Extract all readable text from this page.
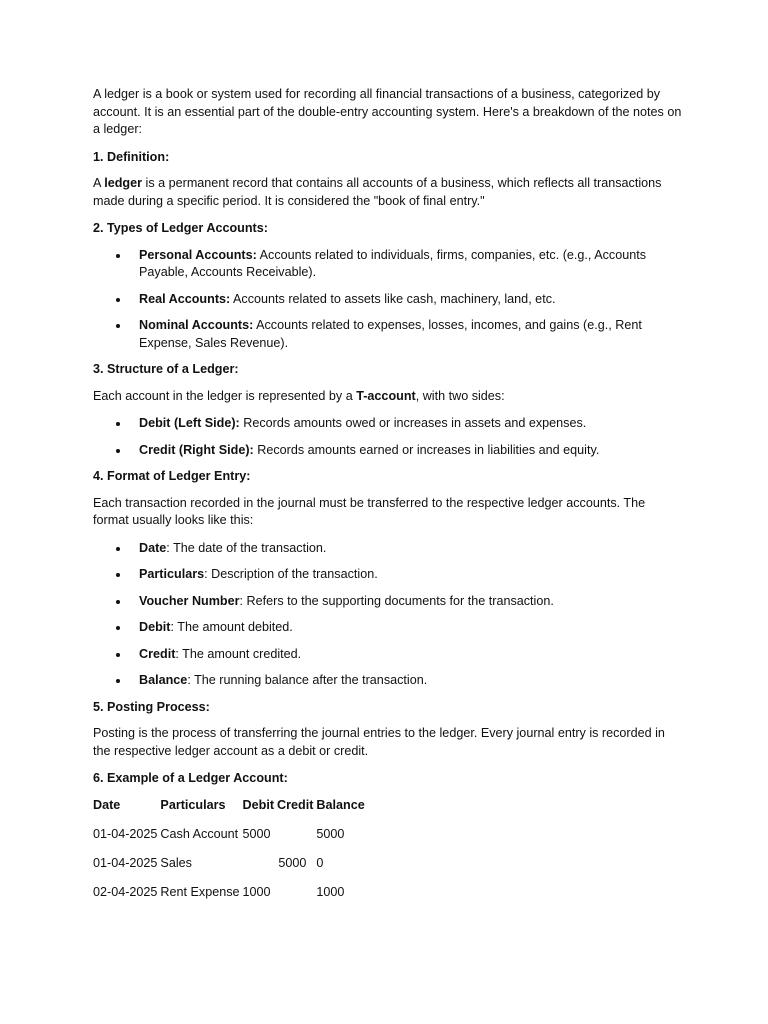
A ledger is a book or system used for recording all financial transactions of a business, categorized by account. It is an essential part of the double-entry accounting system. Here's a breakdown of the notes on a ledger:

1. Definition:

A ledger is a permanent record that contains all accounts of a business, which reflects all transactions made during a specific period. It is considered the "book of final entry."

2. Types of Ledger Accounts:

Personal Accounts: Accounts related to individuals, firms, companies, etc. (e.g., Accounts Payable, Accounts Receivable).
Real Accounts: Accounts related to assets like cash, machinery, land, etc.
Nominal Accounts: Accounts related to expenses, losses, incomes, and gains (e.g., Rent Expense, Sales Revenue).

3. Structure of a Ledger:

Each account in the ledger is represented by a T-account, with two sides:

Debit (Left Side): Records amounts owed or increases in assets and expenses.
Credit (Right Side): Records amounts earned or increases in liabilities and equity.

4. Format of Ledger Entry:

Each transaction recorded in the journal must be transferred to the respective ledger accounts. The format usually looks like this:

Date: The date of the transaction.
Particulars: Description of the transaction.
Voucher Number: Refers to the supporting documents for the transaction.
Debit: The amount debited.
Credit: The amount credited.
Balance: The running balance after the transaction.

5. Posting Process:

Posting is the process of transferring the journal entries to the ledger. Every journal entry is recorded in the respective ledger account as a debit or credit.

6. Example of a Ledger Account:

Date	Particulars	Debit	Credit	Balance
01-04-2025	Cash Account	5000		5000
01-04-2025	Sales		5000	0
02-04-2025	Rent Expense	1000		1000
